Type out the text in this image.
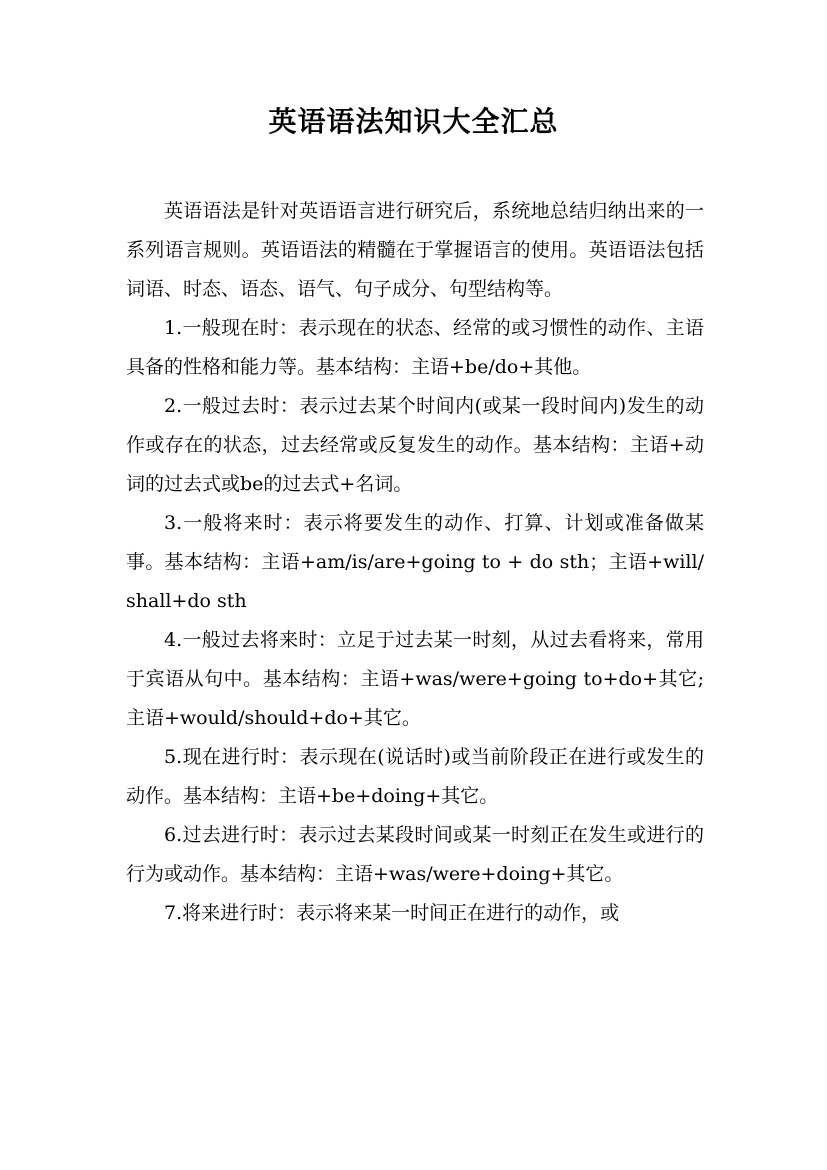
英语语法知识大全汇总

英语语法是针对英语语言进行研究后，系统地总结归纳出来的一系列语言规则。英语语法的精髓在于掌握语言的使用。英语语法包括词语、时态、语态、语气、句子成分、句型结构等。

1.一般现在时：表示现在的状态、经常的或习惯性的动作、主语具备的性格和能力等。基本结构：主语+be/do+其他。

2.一般过去时：表示过去某个时间内(或某一段时间内)发生的动作或存在的状态，过去经常或反复发生的动作。基本结构：主语+动词的过去式或be的过去式+名词。

3.一般将来时：表示将要发生的动作、打算、计划或准备做某事。基本结构：主语+am/is/are+going to + do sth；主语+will/shall+do sth

4.一般过去将来时：立足于过去某一时刻，从过去看将来，常用于宾语从句中。基本结构：主语+was/were+going to+do+其它;主语+would/should+do+其它。

5.现在进行时：表示现在(说话时)或当前阶段正在进行或发生的动作。基本结构：主语+be+doing+其它。

6.过去进行时：表示过去某段时间或某一时刻正在发生或进行的行为或动作。基本结构：主语+was/were+doing+其它。

7.将来进行时：表示将来某一时间正在进行的动作，或
